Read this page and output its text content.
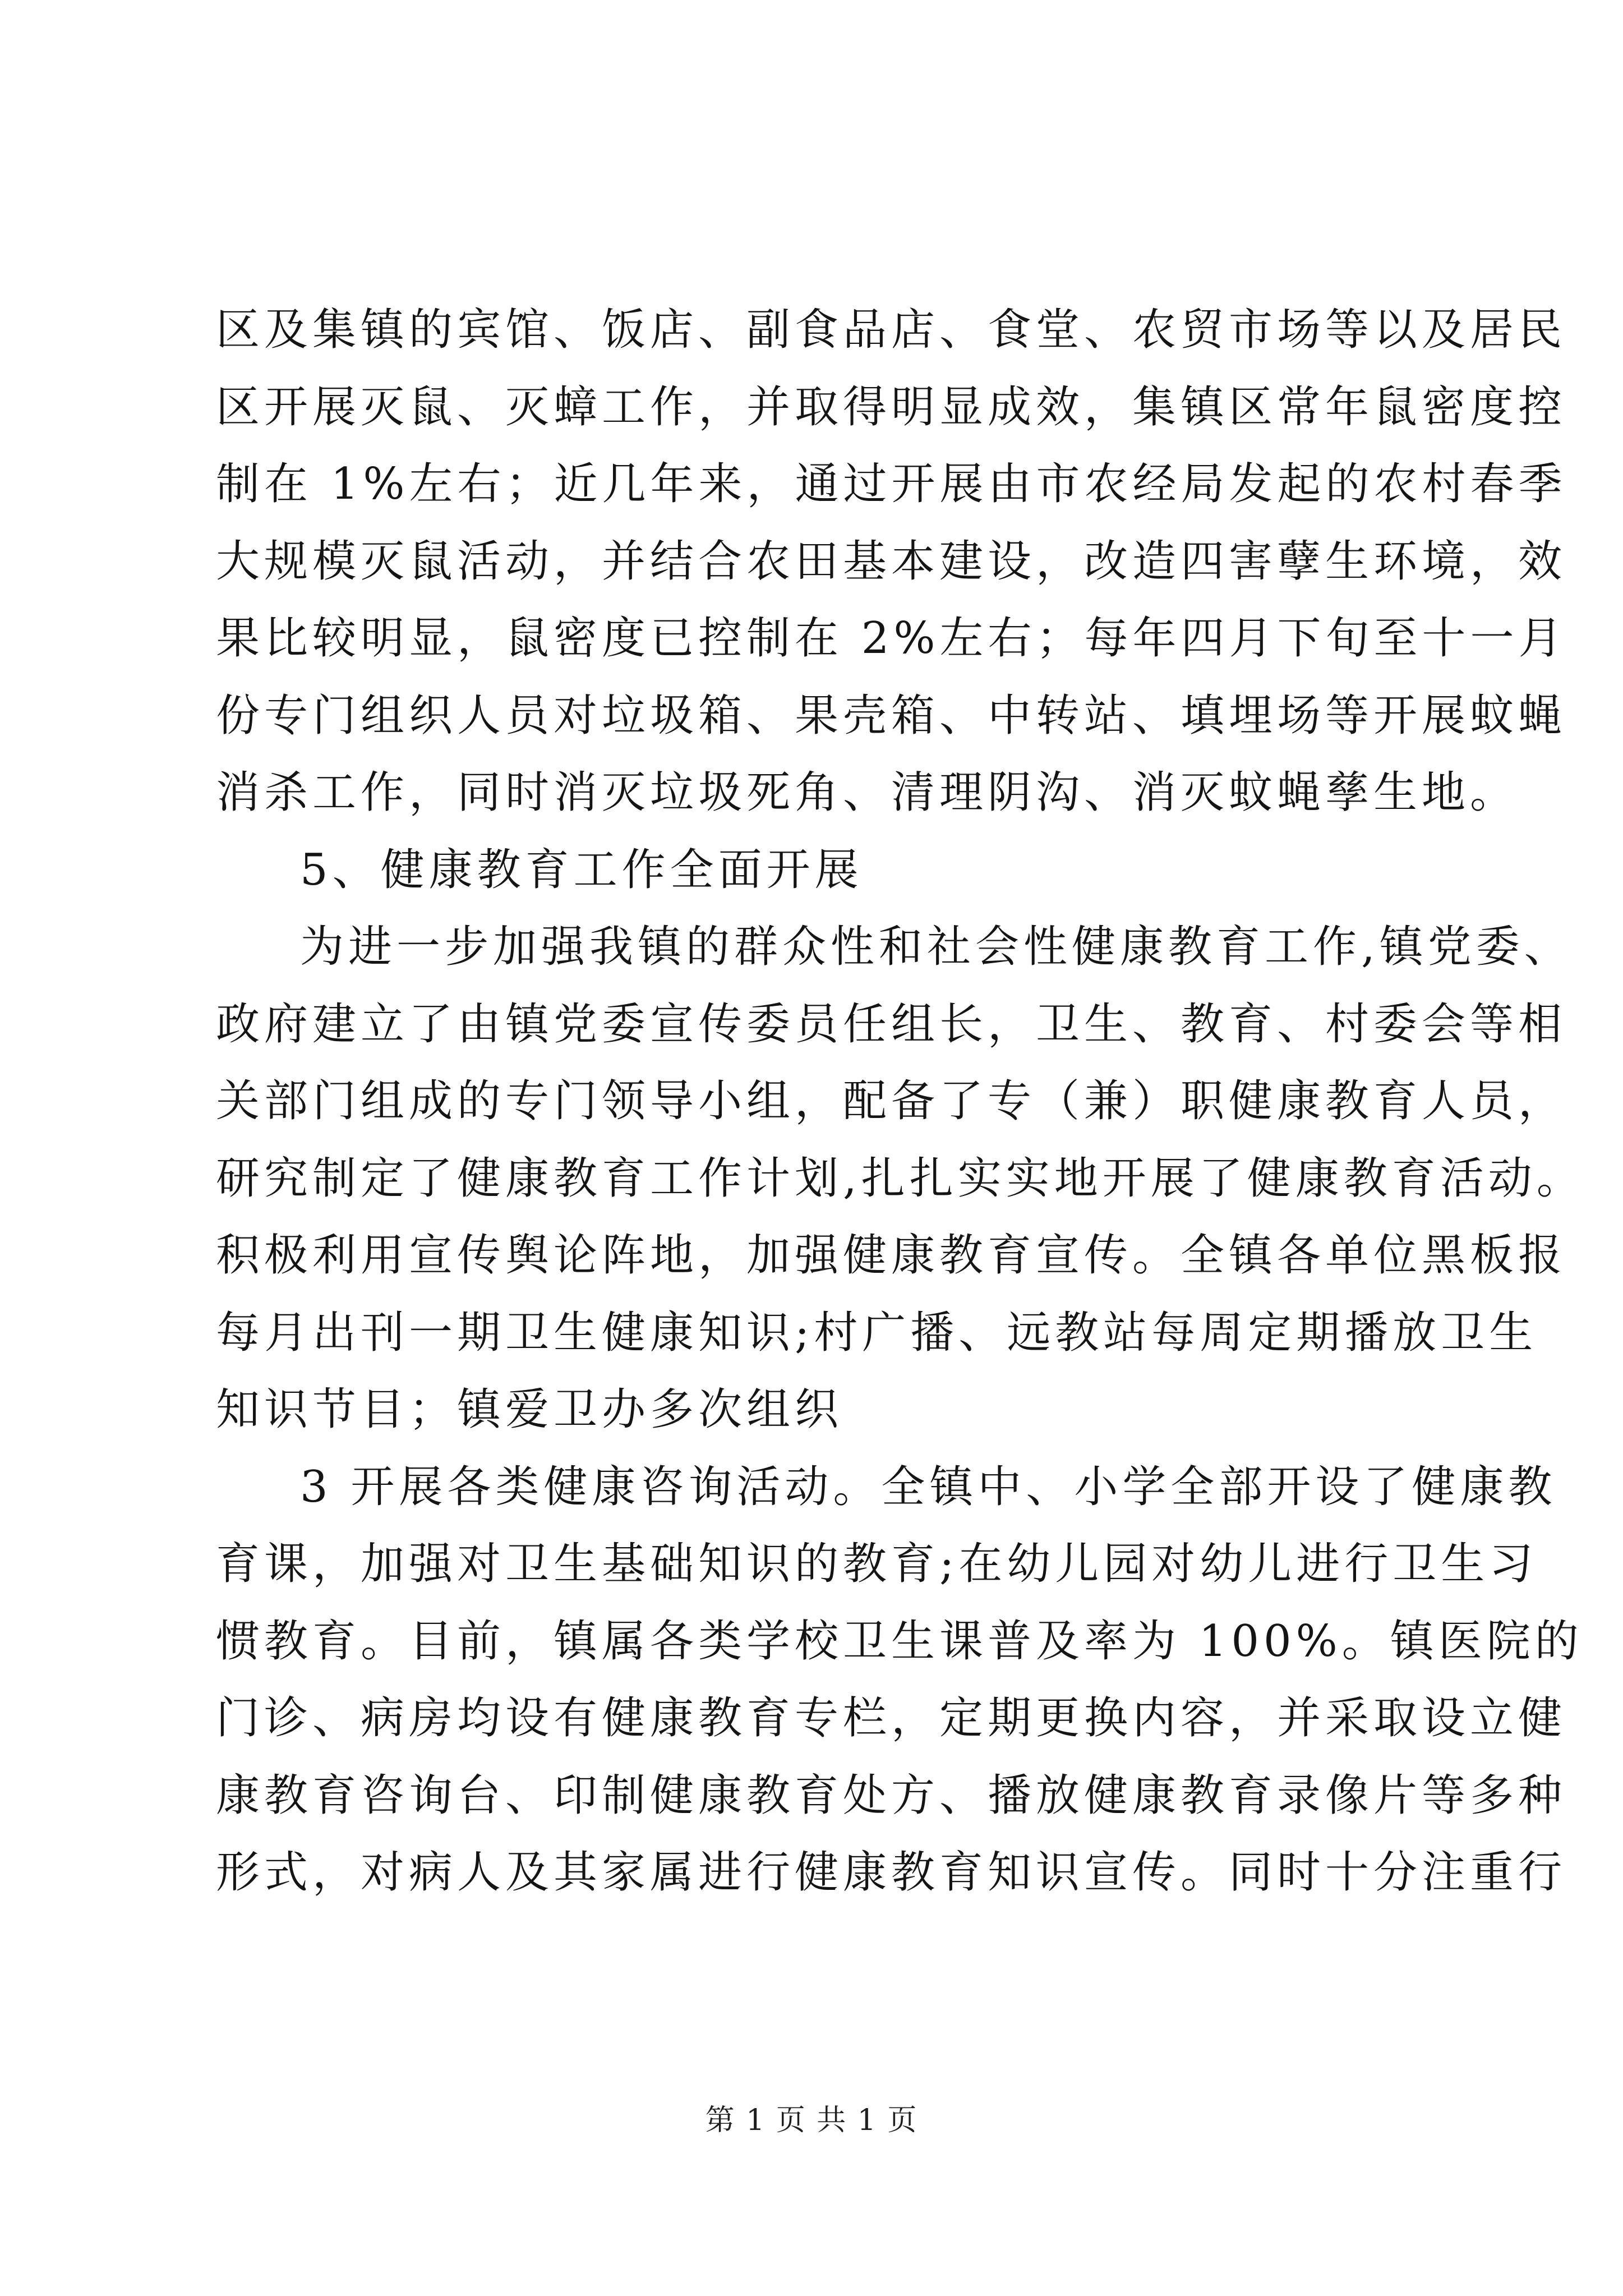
区及集镇的宾馆、饭店、副食品店、食堂、农贸市场等以及居民
区开展灭鼠、灭蟑工作，并取得明显成效，集镇区常年鼠密度控
制在 1%左右；近几年来，通过开展由市农经局发起的农村春季
大规模灭鼠活动，并结合农田基本建设，改造四害孽生环境，效
果比较明显，鼠密度已控制在 2%左右；每年四月下旬至十一月
份专门组织人员对垃圾箱、果壳箱、中转站、填埋场等开展蚊蝇
消杀工作，同时消灭垃圾死角、清理阴沟、消灭蚊蝇孳生地。
5、健康教育工作全面开展
为进一步加强我镇的群众性和社会性健康教育工作,镇党委、
政府建立了由镇党委宣传委员任组长，卫生、教育、村委会等相
关部门组成的专门领导小组，配备了专（兼）职健康教育人员，
研究制定了健康教育工作计划,扎扎实实地开展了健康教育活动。
积极利用宣传舆论阵地，加强健康教育宣传。全镇各单位黑板报
每月出刊一期卫生健康知识;村广播、远教站每周定期播放卫生
知识节目；镇爱卫办多次组织
3 开展各类健康咨询活动。全镇中、小学全部开设了健康教
育课，加强对卫生基础知识的教育;在幼儿园对幼儿进行卫生习
惯教育。目前，镇属各类学校卫生课普及率为 100%。镇医院的
门诊、病房均设有健康教育专栏，定期更换内容，并采取设立健
康教育咨询台、印制健康教育处方、播放健康教育录像片等多种
形式，对病人及其家属进行健康教育知识宣传。同时十分注重行
第 1 页 共 1 页
